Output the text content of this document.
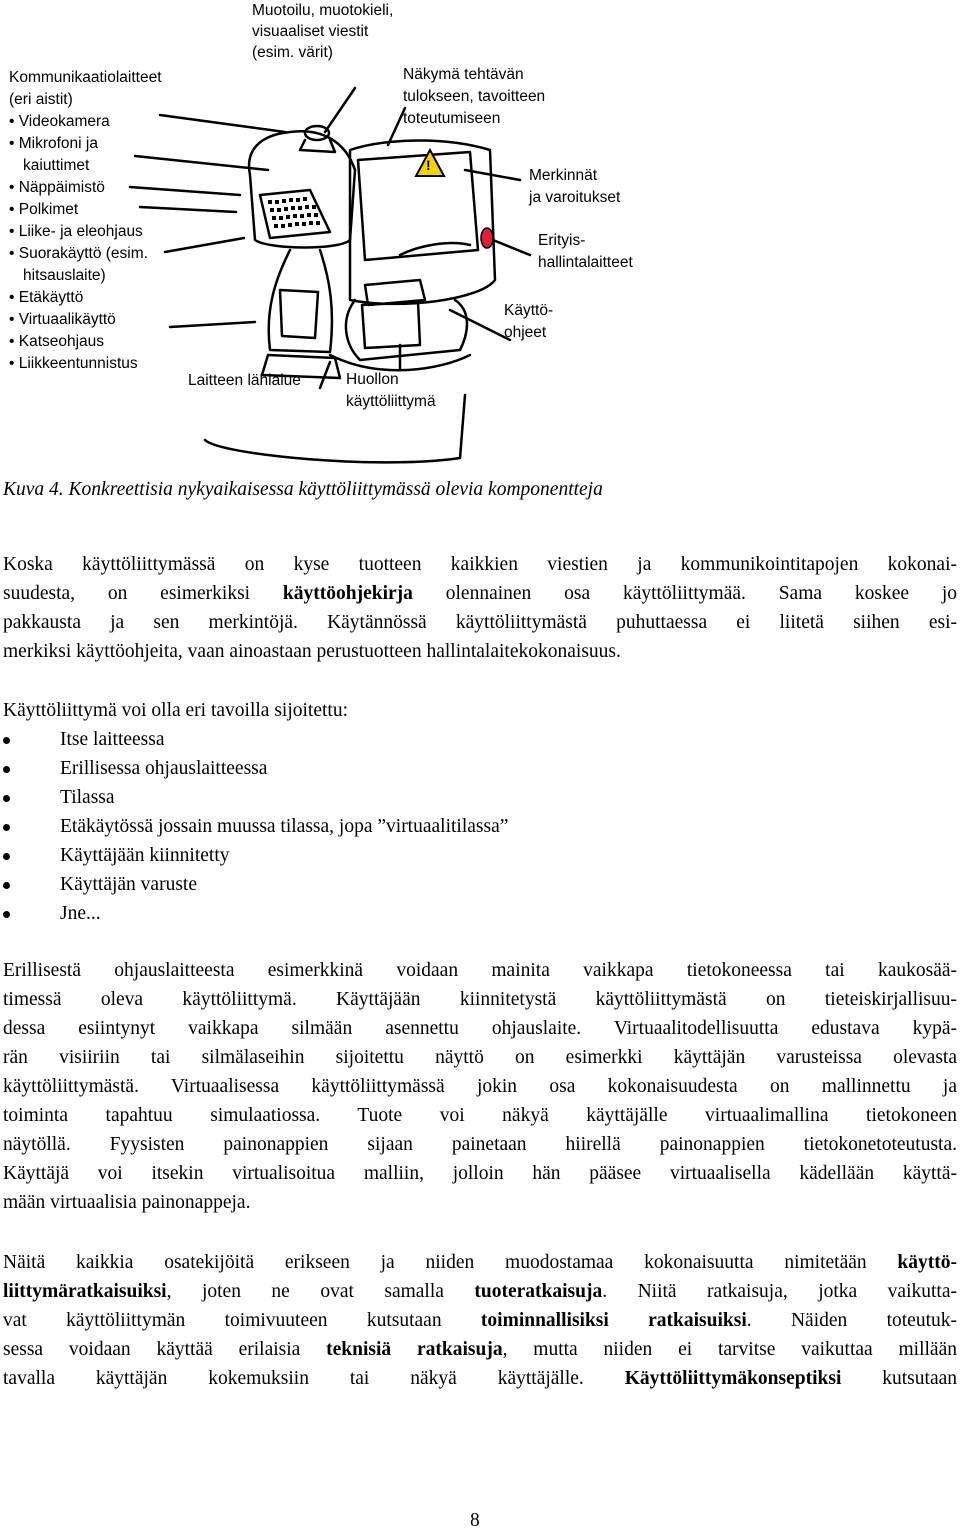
!
Kommunikaatiolaitteet
(eri aistit)
• Videokamera
• Mikrofoni ja
kaiuttimet
• Näppäimistö
• Polkimet
• Liike- ja eleohjaus
• Suorakäyttö (esim.
hitsauslaite)
• Etäkäyttö
• Virtuaalikäyttö
• Katseohjaus
• Liikkeentunnistus
Muotoilu, muotokieli,
visuaaliset viestit
(esim. värit)
Näkymä tehtävän
tulokseen, tavoitteen
toteutumiseen
Merkinnät
ja varoitukset
Erityis-
hallintalaitteet
Käyttö-
ohjeet
Laitteen lähialue	Huollon
käyttöliittymä
Kuva 4. Konkreettisia nykyaikaisessa käyttöliittymässä olevia komponentteja
Koska käyttöliittymässä on kyse tuotteen kaikkien viestien ja kommunikointitapojen kokonai-
suudesta, on esimerkiksi käyttöohjekirja olennainen osa käyttöliittymää. Sama koskee jo
pakkausta ja sen merkintöjä. Käytännössä käyttöliittymästä puhuttaessa ei liitetä siihen esi-
merkiksi käyttöohjeita, vaan ainoastaan perustuotteen hallintalaitekokonaisuus.
Käyttöliittymä voi olla eri tavoilla sijoitettu:
Itse laitteessa
Erillisessa ohjauslaitteessa
Tilassa
Etäkäytössä jossain muussa tilassa, jopa ”virtuaalitilassa”
Käyttäjään kiinnitetty
Käyttäjän varuste
Jne...
Erillisestä ohjauslaitteesta esimerkkinä voidaan mainita vaikkapa tietokoneessa tai kaukosää-
timessä oleva käyttöliittymä. Käyttäjään kiinnitetystä käyttöliittymästä on tieteiskirjallisuu-
dessa esiintynyt vaikkapa silmään asennettu ohjauslaite. Virtuaalitodellisuutta edustava kypä-
rän visiiriin tai silmälaseihin sijoitettu näyttö on esimerkki käyttäjän varusteissa olevasta
käyttöliittymästä. Virtuaalisessa käyttöliittymässä jokin osa kokonaisuudesta on mallinnettu ja
toiminta tapahtuu simulaatiossa. Tuote voi näkyä käyttäjälle virtuaalimallina tietokoneen
näytöllä. Fyysisten painonappien sijaan painetaan hiirellä painonappien tietokonetoteutusta.
Käyttäjä voi itsekin virtualisoitua malliin, jolloin hän pääsee virtuaalisella kädellään käyttä-
mään virtuaalisia painonappeja.
Näitä kaikkia osatekijöitä erikseen ja niiden muodostamaa kokonaisuutta nimitetään käyttö-
liittymäratkaisuiksi, joten ne ovat samalla tuoteratkaisuja. Niitä ratkaisuja, jotka vaikutta-
vat käyttöliittymän toimivuuteen kutsutaan toiminnallisiksi ratkaisuiksi. Näiden toteutuk-
sessa voidaan käyttää erilaisia teknisiä ratkaisuja, mutta niiden ei tarvitse vaikuttaa millään
tavalla käyttäjän kokemuksiin tai näkyä käyttäjälle. Käyttöliittymäkonseptiksi kutsutaan
8
